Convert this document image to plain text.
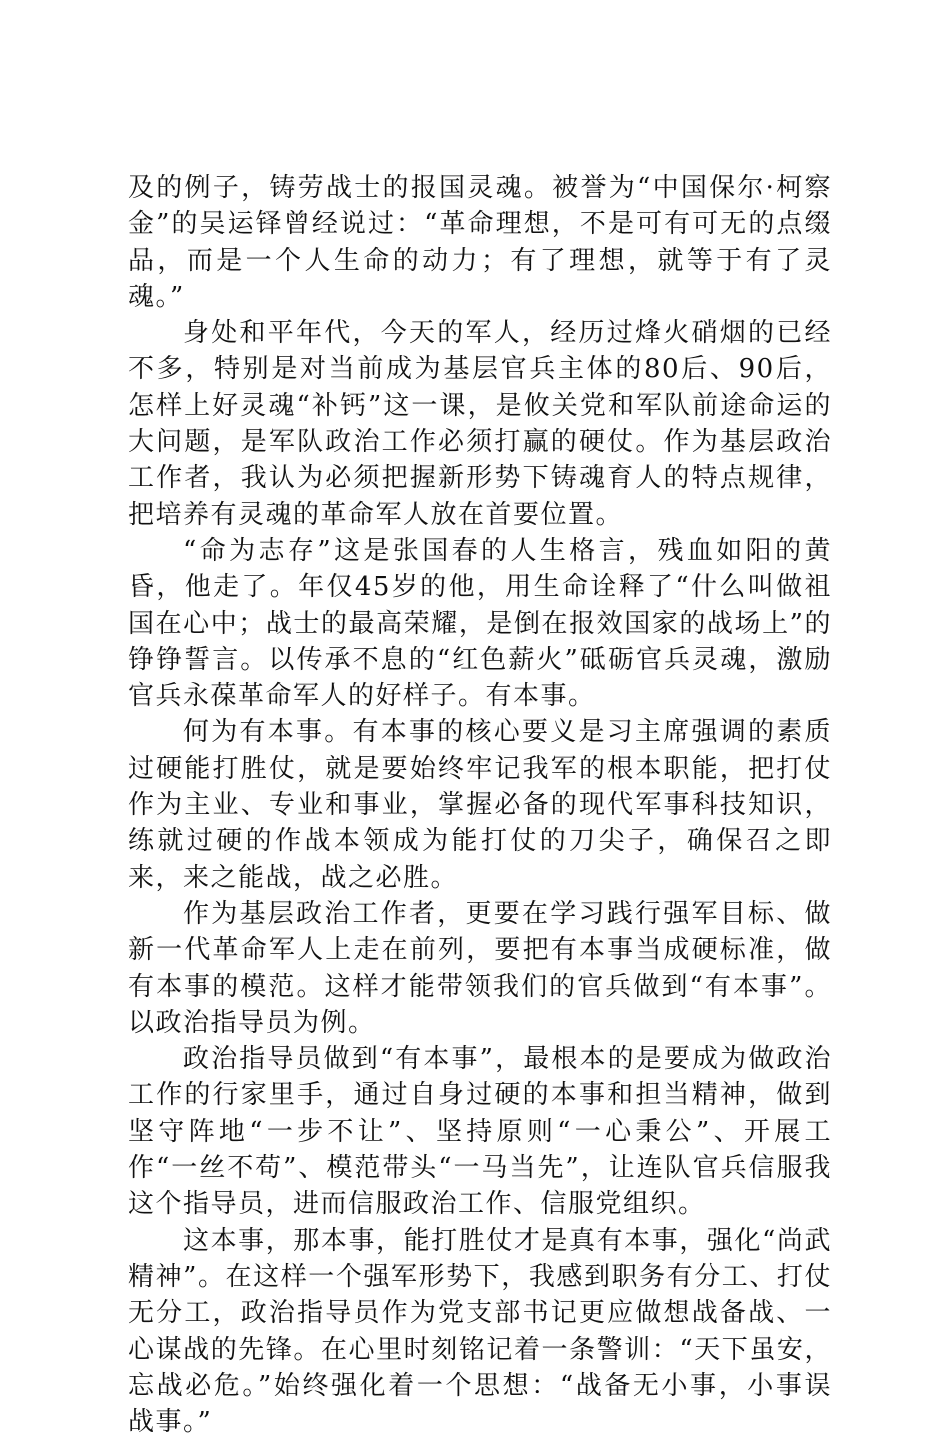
及的例子，铸劳战士的报国灵魂。被誉为“中国保尔·柯察金”的吴运铎曾经说过：“革命理想，不是可有可无的点缀品，而是一个人生命的动力；有了理想，就等于有了灵魂。”

身处和平年代，今天的军人，经历过烽火硝烟的已经不多，特别是对当前成为基层官兵主体的80后、90后，怎样上好灵魂“补钙”这一课，是攸关党和军队前途命运的大问题，是军队政治工作必须打赢的硬仗。作为基层政治工作者，我认为必须把握新形势下铸魂育人的特点规律，把培养有灵魂的革命军人放在首要位置。

“命为志存”这是张国春的人生格言，残血如阳的黄昏，他走了。年仅45岁的他，用生命诠释了“什么叫做祖国在心中；战士的最高荣耀，是倒在报效国家的战场上”的铮铮誓言。以传承不息的“红色薪火”砥砺官兵灵魂，激励官兵永葆革命军人的好样子。有本事。

何为有本事。有本事的核心要义是习主席强调的素质过硬能打胜仗，就是要始终牢记我军的根本职能，把打仗作为主业、专业和事业，掌握必备的现代军事科技知识，练就过硬的作战本领成为能打仗的刀尖子，确保召之即来，来之能战，战之必胜。

作为基层政治工作者，更要在学习践行强军目标、做新一代革命军人上走在前列，要把有本事当成硬标准，做有本事的模范。这样才能带领我们的官兵做到“有本事”。以政治指导员为例。

政治指导员做到“有本事”，最根本的是要成为做政治工作的行家里手，通过自身过硬的本事和担当精神，做到坚守阵地“一步不让”、坚持原则“一心秉公”、开展工作“一丝不苟”、模范带头“一马当先”，让连队官兵信服我这个指导员，进而信服政治工作、信服党组织。

这本事，那本事，能打胜仗才是真有本事，强化“尚武精神”。在这样一个强军形势下，我感到职务有分工、打仗无分工，政治指导员作为党支部书记更应做想战备战、一心谋战的先锋。在心里时刻铭记着一条警训：“天下虽安，忘战必危。”始终强化着一个思想：“战备无小事，小事误战事。”
